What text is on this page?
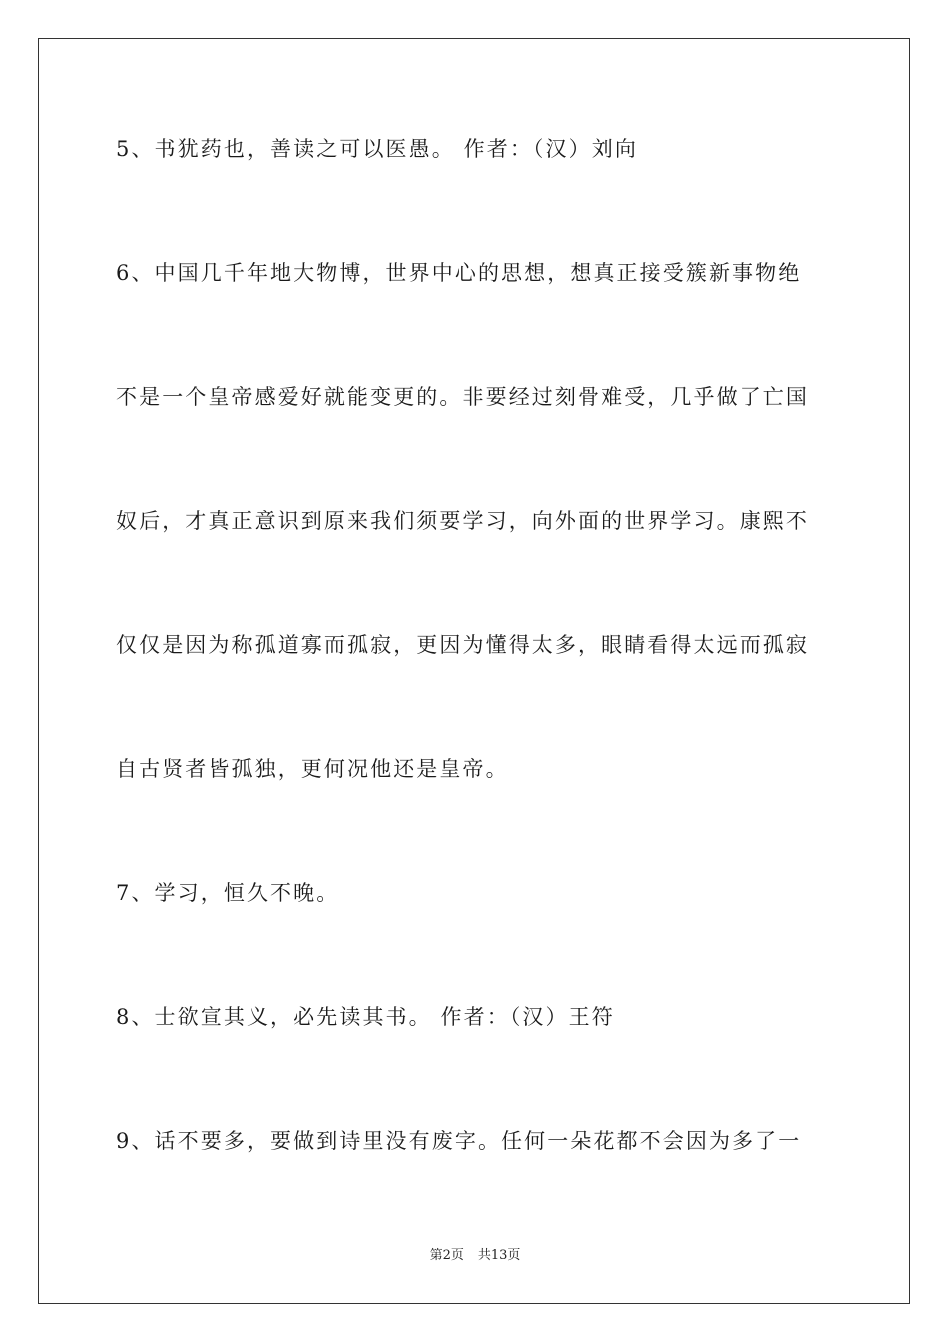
5、书犹药也，善读之可以医愚。 作者：（汉）刘向
6、中国几千年地大物博，世界中心的思想，想真正接受簇新事物绝
不是一个皇帝感爱好就能变更的。非要经过刻骨难受，几乎做了亡国
奴后，才真正意识到原来我们须要学习，向外面的世界学习。康熙不
仅仅是因为称孤道寡而孤寂，更因为懂得太多，眼睛看得太远而孤寂
自古贤者皆孤独，更何况他还是皇帝。
7、学习，恒久不晚。
8、士欲宣其义，必先读其书。 作者：（汉）王符
9、话不要多，要做到诗里没有废字。任何一朵花都不会因为多了一
第2页 共13页
